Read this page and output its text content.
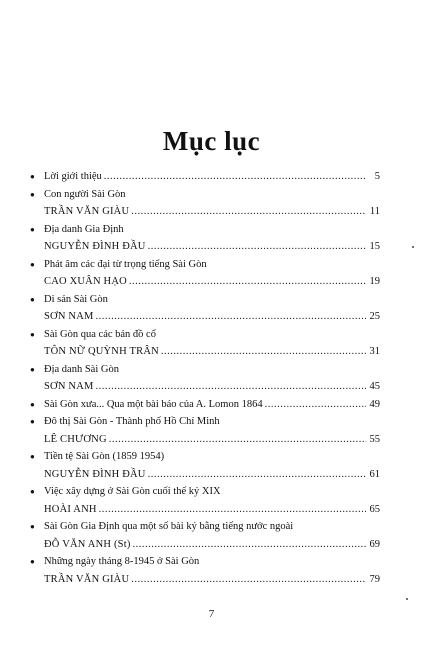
Mục lục
● Lời giới thiệu .....	5
● Con người Sài Gòn
TRẦN VĂN GIÀU .....	11
● Địa danh Gia Định
NGUYỄN ĐÌNH ĐẦU .....	15
● Phát âm các đại từ trọng tiếng Sài Gòn
CAO XUÂN HẠO .....	19
● Di sản Sài Gòn
SƠN NAM .....	25
● Sài Gòn qua các bản đồ cổ
TÔN NỮ QUỲNH TRÂN .....	31
● Địa danh Sài Gòn
SƠN NAM .....	45
● Sài Gòn xưa... Qua một bài báo của A. Lomon 1864 .....	49
● Đô thị Sài Gòn - Thành phố Hồ Chí Minh
LÊ CHƯƠNG .....	55
● Tiền tệ Sài Gòn (1859 1954)
NGUYỄN ĐÌNH ĐẦU .....	61
● Việc xây dựng ở Sài Gòn cuối thế kỷ XIX
HOÀI ANH .....	65
● Sài Gòn Gia Định qua một số bài ký bằng tiếng nước ngoài
ĐỖ VĂN ANH (St) .....	69
● Những ngày tháng 8-1945 ở Sài Gòn
TRẦN VĂN GIÀU .....	79
7
